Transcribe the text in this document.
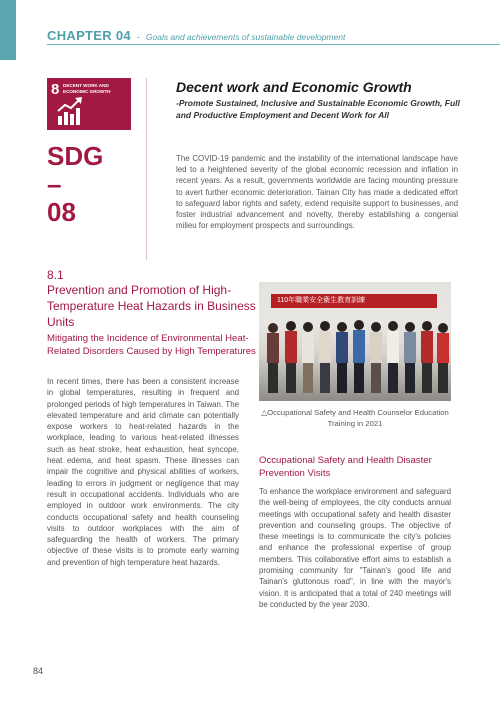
CHAPTER 04 - Goals and achievements of sustainable development
8 DECENT WORK AND ECONOMIC GROWTH
SDG
–
08
Decent work and Economic Growth
-Promote Sustained, Inclusive and Sustainable Economic Growth, Full and Productive Employment and Decent Work for All
The COVID-19 pandemic and the instability of the international landscape have led to a heightened severity of the global economic recession and inflation in recent years. As a result, governments worldwide are facing mounting pressure to avert further economic deterioration. Tainan City has made a dedicated effort to safeguard labor rights and safety, extend requisite support to businesses, and foster industrial advancement and novelty, thereby establishing a congenial milieu for employment prospects and surroundings.
8.1
Prevention and Promotion of High-Temperature Heat Hazards in Business Units
Mitigating the Incidence of Environmental Heat-Related Disorders Caused by High Temperatures
In recent times, there has been a consistent increase in global temperatures, resulting in frequent and prolonged periods of high temperatures in Taiwan. The elevated temperature and arid climate can potentially expose workers to heat-related hazards in the workplace, leading to various heat-related illnesses such as heat stroke, heat exhaustion, heat syncope, heat edema, and heat spasm. These illnesses can impair the cognitive and physical abilities of workers, leading to errors in judgment or negligence that may result in occupational accidents. Individuals who are employed in outdoor work environments. The city conducts occupational safety and health counseling visits to outdoor workplaces with the aim of safeguarding the health of workers. The primary objective of these visits is to promote early warning and prevention of high temperature heat hazards.
110年職業安全衛生教育訓練
△Occupational Safety and Health Counselor Education Training in 2021
Occupational Safety and Health Disaster Prevention Visits
To enhance the workplace environment and safeguard the well-being of employees, the city conducts annual meetings with occupational safety and health disaster prevention and counseling groups. The objective of these meetings is to communicate the city's policies and enhance the professional expertise of group members. This collaborative effort aims to establish a promising community for "Tainan's good life and Tainan's gluttonous road", in line with the mayor's vision. It is anticipated that a total of 240 meetings will be conducted by the year 2030.
84
